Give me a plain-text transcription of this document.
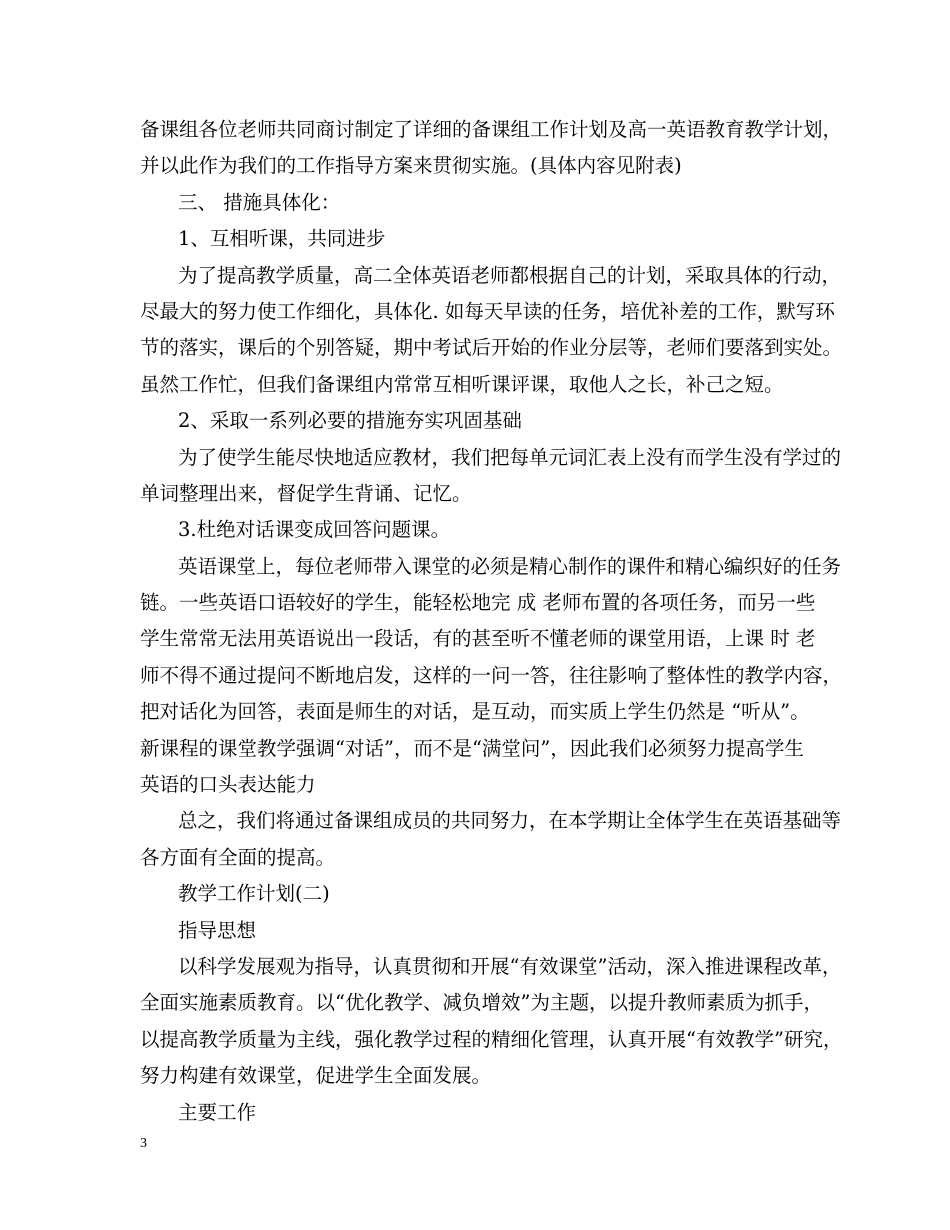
备课组各位老师共同商讨制定了详细的备课组工作计划及高一英语教育教学计划，
并以此作为我们的工作指导方案来贯彻实施。(具体内容见附表)
三、 措施具体化：
1、互相听课，共同进步
为了提高教学质量，高二全体英语老师都根据自己的计划，采取具体的行动，
尽最大的努力使工作细化，具体化. 如每天早读的任务，培优补差的工作，默写环
节的落实，课后的个别答疑，期中考试后开始的作业分层等，老师们要落到实处。
虽然工作忙，但我们备课组内常常互相听课评课，取他人之长，补己之短。
2、采取一系列必要的措施夯实巩固基础
为了使学生能尽快地适应教材，我们把每单元词汇表上没有而学生没有学过的
单词整理出来，督促学生背诵、记忆。
3.杜绝对话课变成回答问题课。
英语课堂上，每位老师带入课堂的必须是精心制作的课件和精心编织好的任务
链。一些英语口语较好的学生，能轻松地完 成 老师布置的各项任务，而另一些
学生常常无法用英语说出一段话，有的甚至听不懂老师的课堂用语，上课 时 老
师不得不通过提问不断地启发，这样的一问一答，往往影响了整体性的教学内容，
把对话化为回答，表面是师生的对话，是互动，而实质上学生仍然是 “听从”。
新课程的课堂教学强调“对话”，而不是“满堂问”，因此我们必须努力提高学生
英语的口头表达能力
总之，我们将通过备课组成员的共同努力，在本学期让全体学生在英语基础等
各方面有全面的提高。
教学工作计划(二)
指导思想
以科学发展观为指导，认真贯彻和开展“有效课堂”活动，深入推进课程改革，
全面实施素质教育。以“优化教学、减负增效”为主题，以提升教师素质为抓手，
以提高教学质量为主线，强化教学过程的精细化管理，认真开展“有效教学”研究，
努力构建有效课堂，促进学生全面发展。
主要工作
3
